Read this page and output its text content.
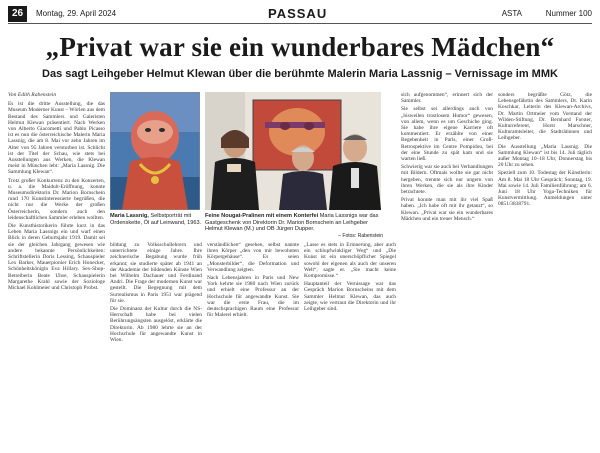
26	Montag, 29. April 2024	PASSAU	ASTA	Nummer 100
„Privat war sie ein wunderbares Mädchen“
Das sagt Leihgeber Helmut Klewan über die berühmte Malerin Maria Lassnig – Vernissage im MMK
Von Edith Rabenstein

Es ist die dritte Ausstellung, die das Museum Moderner Kunst – Wörlen aus dem Bestand des Sammlers und Galeristen Helmut Klewan präsentiert. Nach Werken von Alberto Giacometti und Pablo Picasso ist es nun die österreichische Malerin Maria Lassnig, die am 8. Mai vor zehn Jahren im Alter von 95 Jahren verstorben ist. Schlicht ist der Titel der Schau, wie stets bei Ausstellungen aus Werken, die Klewan meist in München lebt: „Maria Lassnig. Die Sammlung Klewan“.

Trotz großer Konkurrenz zu den Konzerten, u. a. die Maidult-Eröffnung, konnte Museumsdirektorin Dr. Marion Bornschein rund 170 Kunstinteressierte begrüßen, die nicht nur die Werke der großen Österreicherin, sondern auch den leidenschaftlichen Sammler erleben wollten.

Die Kunsthistorikerin führte kurz in das Leben Maria Lassnigs ein und warf einen Blick in deren Geburtsjahr 1919. Damit sei sie der gleichen Jahrgang gewesen wie andere bekannte Persönlichkeiten: Schriftstellerin Doris Lessing, Schauspieler Lex Barker, Mauerpionier Erich Honecker, Schönheitskönigin Eva Hillary. Sex-Shop-Betreiberin Beate Uhse, Schauspielerin Margarethe Krahl sowie der Soziologe Michael Kohlmeier und Christoph Probst.

Maria Lassnig, Selbstporträt mit Ordenskette, Öl auf Leinwand, 1963.
Feine Nougat-Pralinen mit einem Konterfei Maria Lassnigs war das Gastgeschenk von Direktorin Dr. Marion Bornschein an Leihgeber Helmut Klewan (M.) und OB Jürgen Dupper.
– Fotos: Rabenstein

bildung zu Volksschullehrern und unterrichtete einige Jahre. Ihre zeichnerische Begabung wurde früh erkannt; sie studierte später ab 1941 an der Akademie der bildenden Künste Wien bei Wilhelm Dachauer und Ferdinand Andri. Die Frage der modernen Kunst war gestellt. Die Begegnung mit dem Surrealismus in Paris 1951 war prägend für sie.

Die Dominanz der Kultur durch die NS-Herrschaft habe bei vielen Berührungsängsten ausgelöst, erklärte die Direktorin. Ab 1980 lehrte sie an der Hochschule für angewandte Kunst in Wien.

verständlichen“ gesehen, selbst nannte ihren Körper „den von mir bewohnten Körpergehäuse“. Es seien „Monsterbilder“, die Deformation und Verwandlung zeigten.

Nach Lebensjahren in Paris und New York kehrte sie 1980 nach Wien zurück und erhielt eine Professur an der Hochschule für angewandte Kunst. Sie war die erste Frau, die im deutschsprachigen Raum eine Professur für Malerei erhielt.

„Lasse es stets in Erinnerung, aber auch ein schlupfwinkliger Weg“ und „Die Kunst ist ein unerschöpflicher Spiegel sowohl der eigenen als auch der unseren Welt“, sagte er. „Sie macht keine Kompromisse.“

Hauptanteil der Vernissage war das Gespräch Marion Bornscheins mit dem Sammler Helmut Klewan, das auch zeigte, wie vertraut die Direktorin und ihr Leihgeber sind.

sich aufgenommen“, erinnert sich der Sammler.

Sie selbst sei allerdings auch von „bisweilen trostlosem Humor“ gewesen, von allem, wenn es um Geschiche ging. Sie habe ihre eigene Karriere oft kommentiert. Er erzählte von einer Begebenheit in Paris, einer Groß-Retrospektive im Centre Pompidou, bei der eine Stunde zu spät kam und sie warten ließ.

Schwierig war sie auch bei Verhandlungen mit Bildern. Oftmals wollte sie gar nicht hergeben, trennte sich nur ungern von ihren Werken, die sie als ihre Kinder betrachtete.

Privat konnte man mit ihr viel Spaß haben. „Ich habe oft mit ihr getanzt“, so Klewan. „Privat war sie ein wunderbares Mädchen und ein treuer Mensch.“

sonders begrüßte Götz, die Lebensgefährtin des Sammlers, Dr. Karin Koschkar, Leiterin des Klewan-Archivs, Dr. Martin Ortmeier vom Vorstand der Wilden-Stiftung, Dr. Bernhard Forster, Kulturreferent, Horst Marschner, Kulturamtsleiter, die Stadträtinnen und Leihgeber.

Die Ausstellung „Maria Lassnig. Die Sammlung Klewan“ ist bis 14. Juli täglich außer Montag 10–18 Uhr, Donnerstag bis 20 Uhr zu sehen.

Speziell zum 10. Todestag der Künstlerin: Am 8. Mai 18 Uhr Gespräch; Sonntag, 19. Mai sowie 14. Juli Familienführung; am 6. Juni 18 Uhr Yoga-Techniken für Kunstvermittlung. Anmeldungen unter 0851/3838791.
